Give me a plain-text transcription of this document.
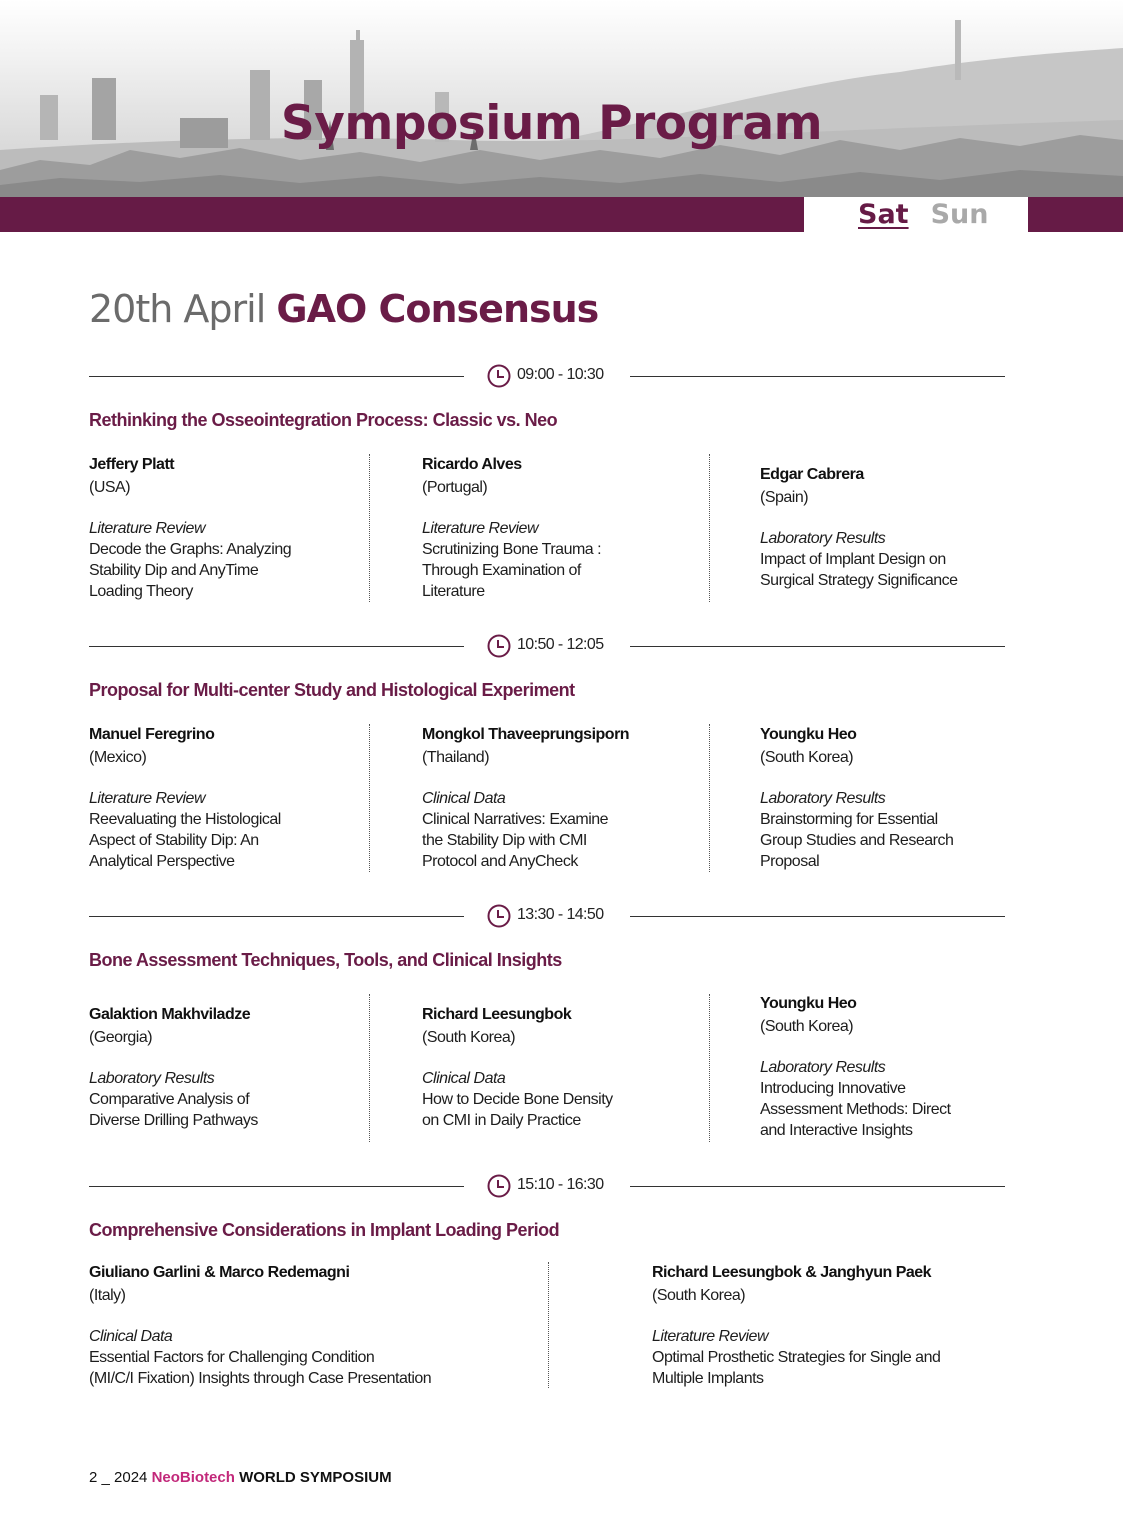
Symposium Program
Sat Sun
20th April GAO Consensus
09:00 - 10:30
Rethinking the Osseointegration Process: Classic vs. Neo
Jeffery Platt
(USA)
Literature Review
Decode the Graphs: Analyzing
Stability Dip and AnyTime
Loading Theory
Ricardo Alves
(Portugal)
Literature Review
Scrutinizing Bone Trauma :
Through Examination of
Literature
Edgar Cabrera
(Spain)
Laboratory Results
Impact of Implant Design on
Surgical Strategy Significance
10:50 - 12:05
Proposal for Multi-center Study and Histological Experiment
Manuel Feregrino
(Mexico)
Literature Review
Reevaluating the Histological
Aspect of Stability Dip: An
Analytical Perspective
Mongkol Thaveeprungsiporn
(Thailand)
Clinical Data
Clinical Narratives: Examine
the Stability Dip with CMI
Protocol and AnyCheck
Youngku Heo
(South Korea)
Laboratory Results
Brainstorming for Essential
Group Studies and Research
Proposal
13:30 - 14:50
Bone Assessment Techniques, Tools, and Clinical Insights
Galaktion Makhviladze
(Georgia)
Laboratory Results
Comparative Analysis of
Diverse Drilling Pathways
Richard Leesungbok
(South Korea)
Clinical Data
How to Decide Bone Density
on CMI in Daily Practice
Youngku Heo
(South Korea)
Laboratory Results
Introducing Innovative
Assessment Methods: Direct
and Interactive Insights
15:10 - 16:30
Comprehensive Considerations in Implant Loading Period
Giuliano Garlini & Marco Redemagni
(Italy)
Clinical Data
Essential Factors for Challenging Condition
(MI/C/I Fixation) Insights through Case Presentation
Richard Leesungbok & Janghyun Paek
(South Korea)
Literature Review
Optimal Prosthetic Strategies for Single and
Multiple Implants
2 _ 2024 NeoBiotech WORLD SYMPOSIUM
